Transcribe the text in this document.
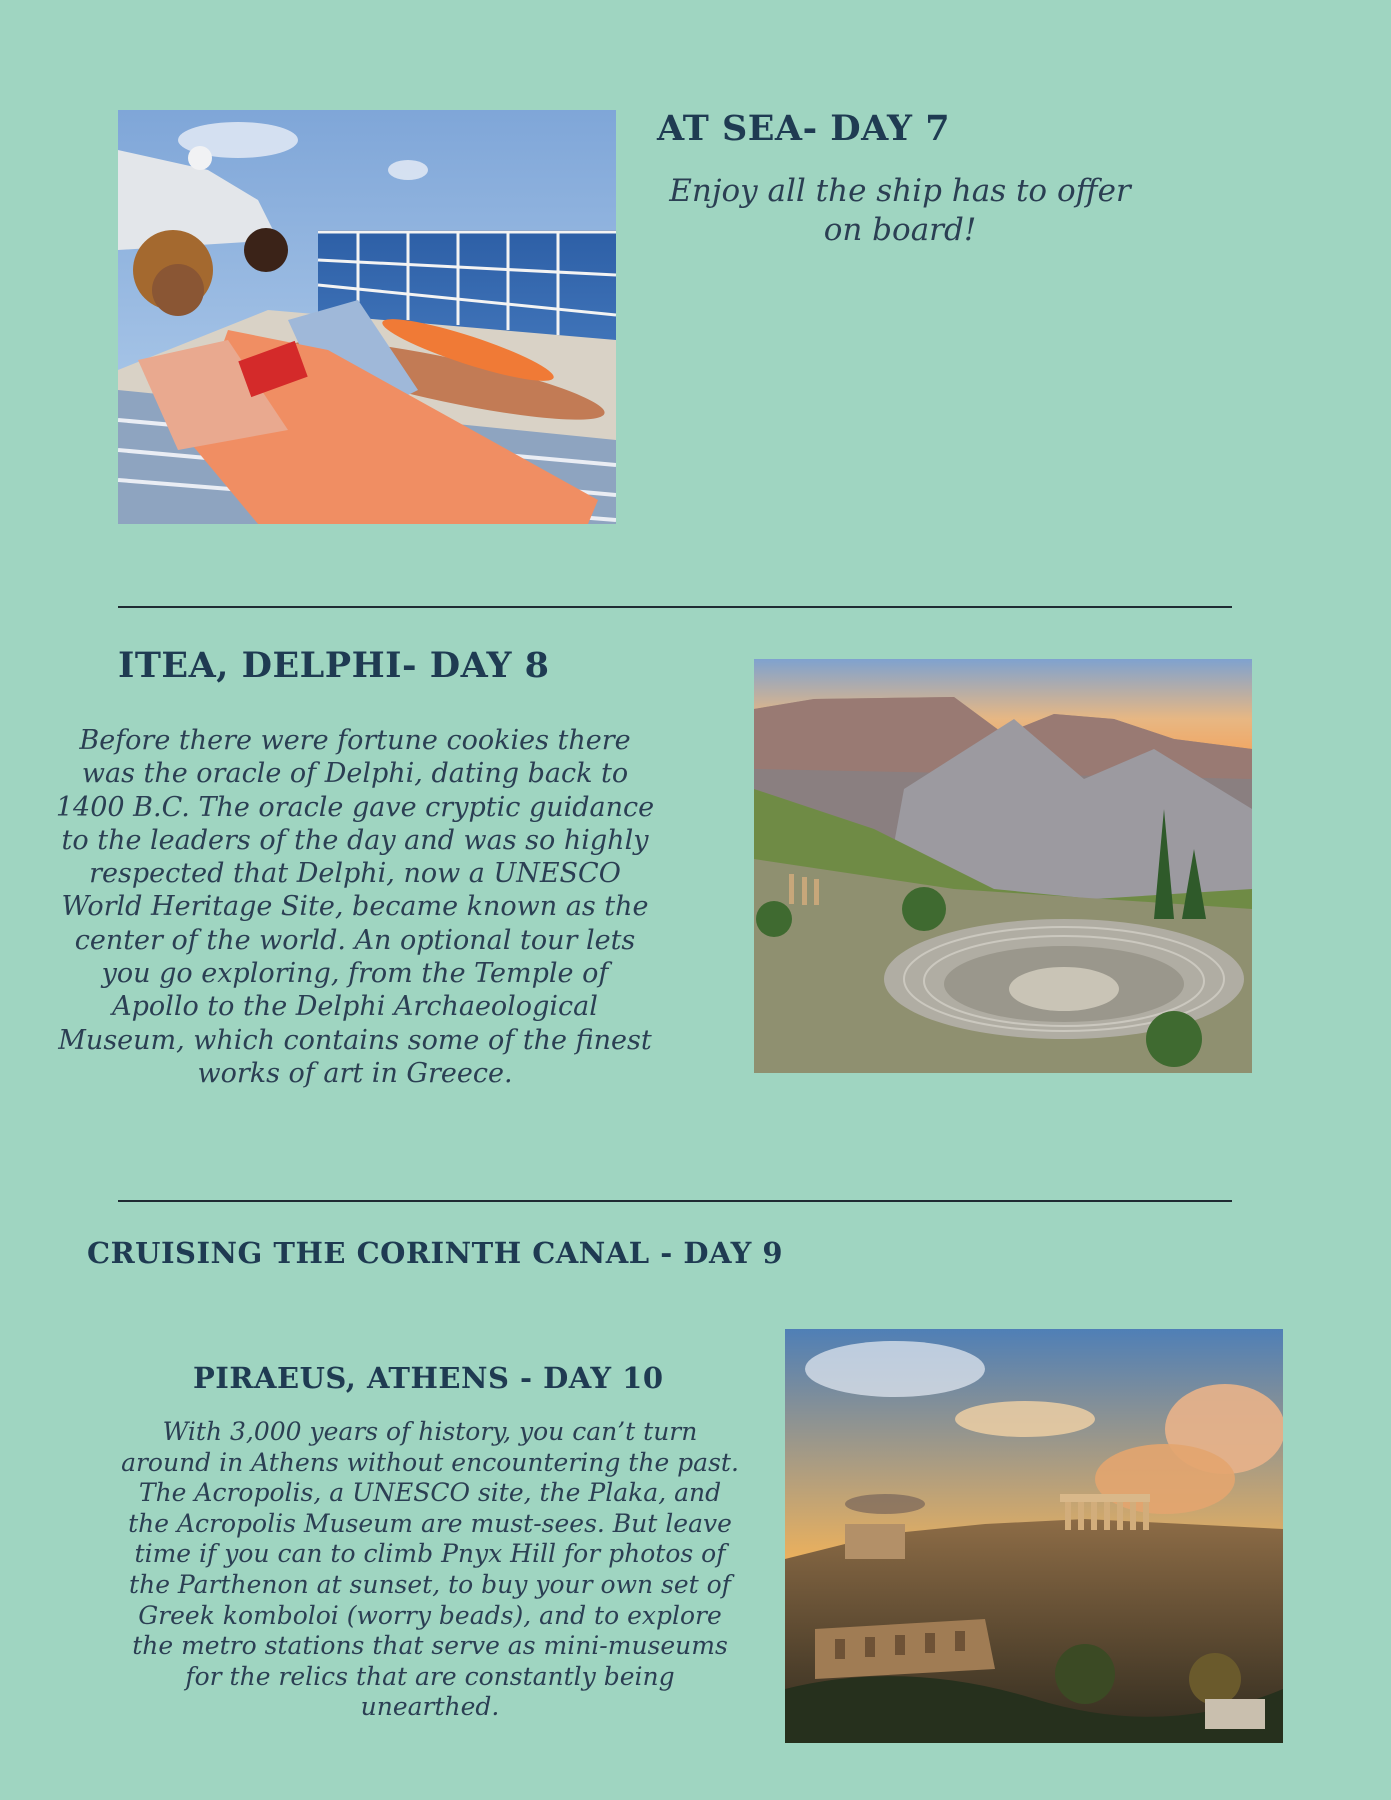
AT SEA- DAY 7

Enjoy all the ship has to offer on board!

ITEA, DELPHI- DAY 8

Before there were fortune cookies there was the oracle of Delphi, dating back to 1400 B.C. The oracle gave cryptic guidance to the leaders of the day and was so highly respected that Delphi, now a UNESCO World Heritage Site, became known as the center of the world. An optional tour lets you go exploring, from the Temple of Apollo to the Delphi Archaeological Museum, which contains some of the finest works of art in Greece.

CRUISING THE CORINTH CANAL - DAY 9
PIRAEUS, ATHENS - DAY 10

With 3,000 years of history, you can’t turn around in Athens without encountering the past. The Acropolis, a UNESCO site, the Plaka, and the Acropolis Museum are must-sees. But leave time if you can to climb Pnyx Hill for photos of the Parthenon at sunset, to buy your own set of Greek komboloi (worry beads), and to explore the metro stations that serve as mini-museums for the relics that are constantly being unearthed.
